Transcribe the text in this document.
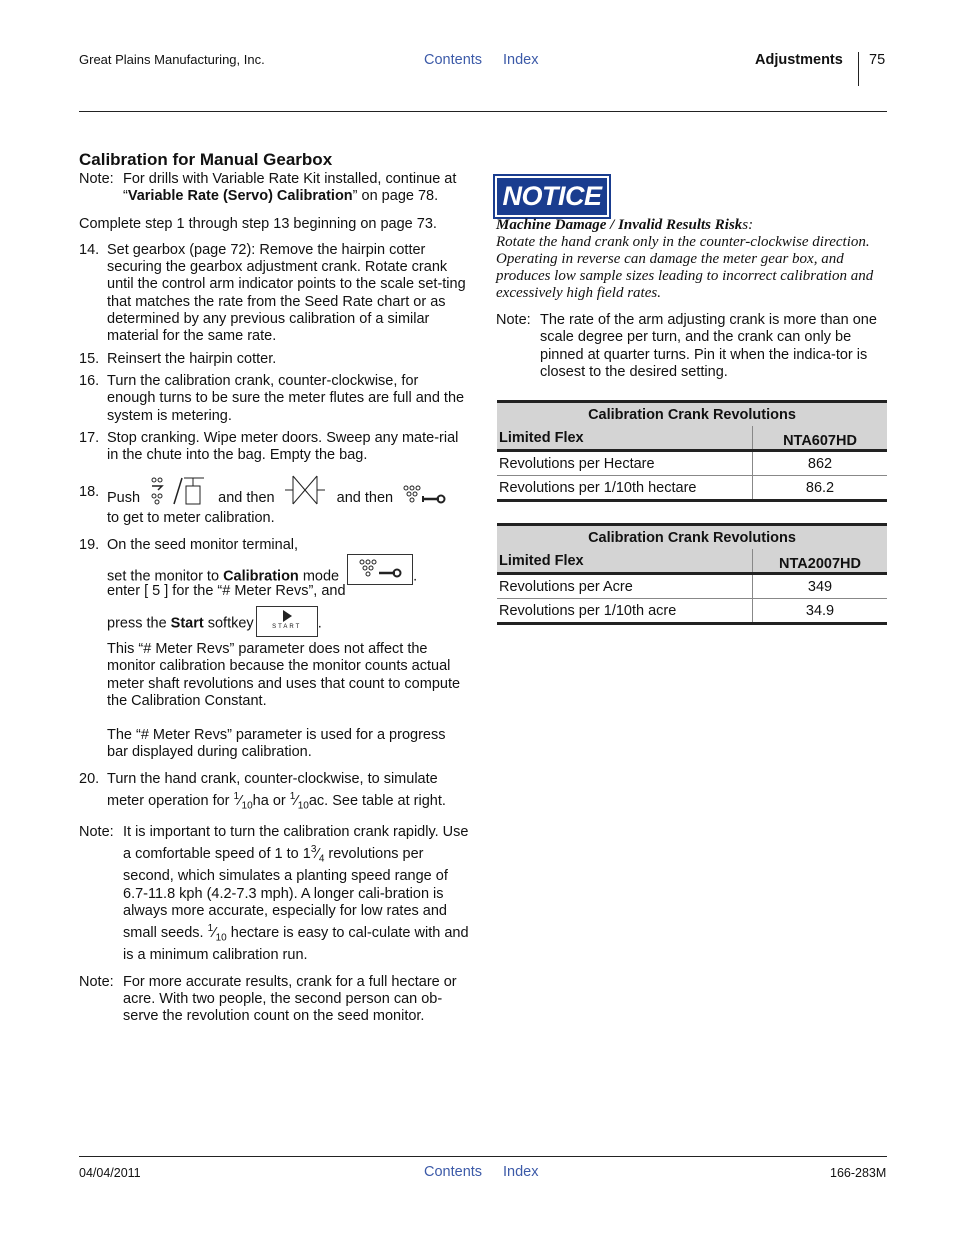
Great Plains Manufacturing, Inc.	Contents Index	Adjustments 75
Calibration for Manual Gearbox
Note: For drills with Variable Rate Kit installed, continue at “Variable Rate (Servo) Calibration” on page 78.
Complete step 1 through step 13 beginning on page 73.
14. Set gearbox (page 72): Remove the hairpin cotter securing the gearbox adjustment crank. Rotate crank until the control arm indicator points to the scale set-ting that matches the rate from the Seed Rate chart or as determined by any previous calibration of a similar material for the same rate.
15. Reinsert the hairpin cotter.
16. Turn the calibration crank, counter-clockwise, for enough turns to be sure the meter flutes are full and the system is metering.
17. Stop cranking. Wipe meter doors. Sweep any mate-rial in the chute into the bag. Empty the bag.
18. Push	and then	and then
to get to meter calibration.
19. On the seed monitor terminal,
set the monitor to Calibration mode	.
enter [ 5 ] for the “# Meter Revs”, and
press the Start softkey	START	.
This “# Meter Revs” parameter does not affect the monitor calibration because the monitor counts actual meter shaft revolutions and uses that count to compute the Calibration Constant.
The “# Meter Revs” parameter is used for a progress bar displayed during calibration.
20. Turn the hand crank, counter-clockwise, to simulate meter operation for $^1⁄_{10}ha$ or $^1⁄_{10}ac$. See table at right.
Note: It is important to turn the calibration crank rapidly. Use a comfortable speed of 1 to $1^3⁄_4$ revolutions per second, which simulates a planting speed range of 6.7-11.8 kph (4.2-7.3 mph). A longer cali-bration is always more accurate, especially for low rates and small seeds. $^1⁄_{10}$ hectare is easy to cal-culate with and is a minimum calibration run.
Note: For more accurate results, crank for a full hectare or acre. With two people, the second person can ob-serve the revolution count on the seed monitor.
NOTICE
Machine Damage / Invalid Results Risks:
Rotate the hand crank only in the counter-clockwise direction. Operating in reverse can damage the meter gear box, and produces low sample sizes leading to incorrect calibration and excessively high field rates.
Note: The rate of the arm adjusting crank is more than one scale degree per turn, and the crank can only be pinned at quarter turns. Pin it when the indica-tor is closest to the desired setting.
Calibration Crank Revolutions	
Limited Flex	NTA607HD
Revolutions per Hectare	862
Revolutions per 1/10th hectare	86.2
Calibration Crank Revolutions	
Limited Flex	NTA2007HD
Revolutions per Acre	349
Revolutions per 1/10th acre	34.9
04/04/2011	Contents Index	166-283M
